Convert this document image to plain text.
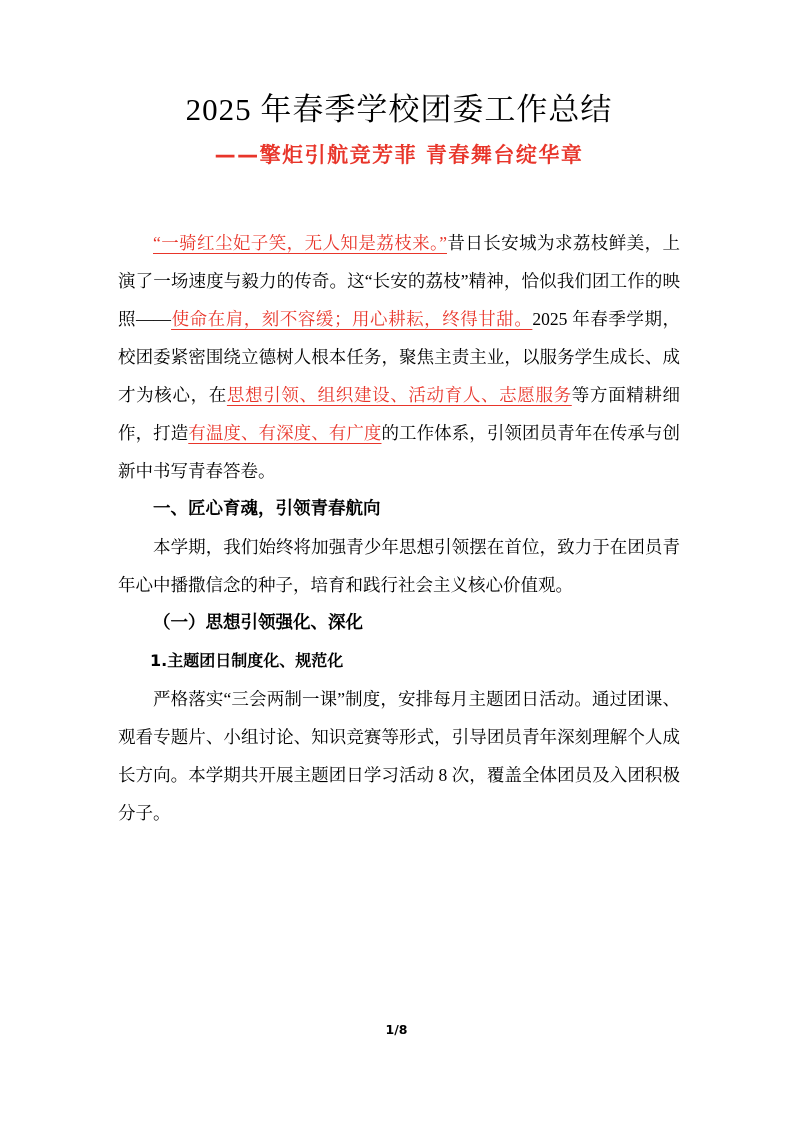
2025 年春季学校团委工作总结
——擎炬引航竞芳菲 青春舞台绽华章

“一骑红尘妃子笑，无人知是荔枝来。”昔日长安城为求荔枝鲜美，上演了一场速度与毅力的传奇。这“长安的荔枝”精神，恰似我们团工作的映照——使命在肩，刻不容缓；用心耕耘，终得甘甜。2025 年春季学期，校团委紧密围绕立德树人根本任务，聚焦主责主业，以服务学生成长、成才为核心，在思想引领、组织建设、活动育人、志愿服务等方面精耕细作，打造有温度、有深度、有广度的工作体系，引领团员青年在传承与创新中书写青春答卷。

一、匠心育魂，引领青春航向

本学期，我们始终将加强青少年思想引领摆在首位，致力于在团员青年心中播撒信念的种子，培育和践行社会主义核心价值观。

（一）思想引领强化、深化
1.主题团日制度化、规范化

严格落实“三会两制一课”制度，安排每月主题团日活动。通过团课、观看专题片、小组讨论、知识竞赛等形式，引导团员青年深刻理解个人成长方向。本学期共开展主题团日学习活动 8 次，覆盖全体团员及入团积极分子。

1/8
